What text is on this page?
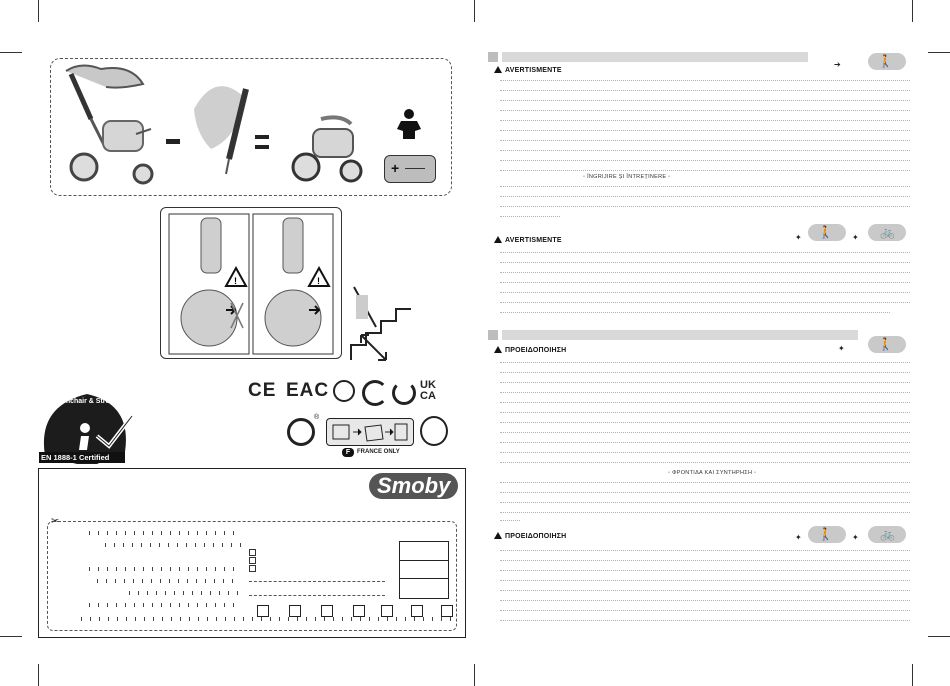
+
!	!
Pushchair & Stroller
EN 1888-1 Certified
CE EAC	UK
CA
®
F	FRANCE ONLY
Smoby
✂
AVERTISMENTE
🚶
➔
◦ ÎNGRIJIRE ȘI ÎNTREȚINERE ◦
AVERTISMENTE
🚶	🚲
✦	✦
ΠΡΟΕΙΔΟΠΟΙΗΣΗ	🚶
✦
◦ ΦΡΟΝΤΙΔΑ ΚΑΙ ΣΥΝΤΗΡΗΣΗ ◦
ΠΡΟΕΙΔΟΠΟΙΗΣΗ	🚶	🚲
✦	✦
